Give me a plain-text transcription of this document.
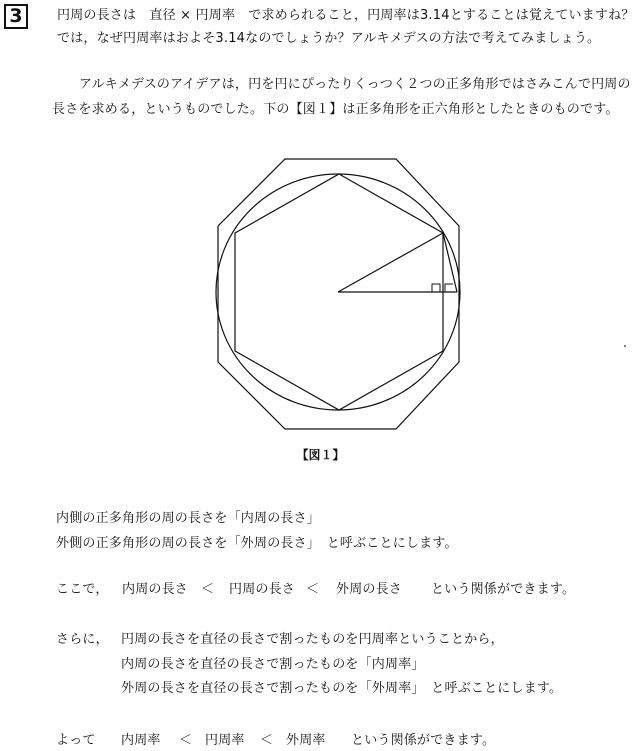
3	円周の長さは　直径 × 円周率　で求められること，円周率は3.14とすることは覚えていますね？
では，なぜ円周率はおよそ3.14なのでしょうか？アルキメデスの方法で考えてみましょう。
アルキメデスのアイデアは，円を円にぴったりくっつく２つの正多角形ではさみこんで円周の
長さを求める，というものでした。下の【図１】は正多角形を正六角形としたときのものです。
【図１】
内側の正多角形の周の長さを「内周の長さ」
外側の正多角形の周の長さを「外周の長さ」　と呼ぶことにします。
ここで， 内周の長さ ＜ 円周の長さ ＜ 外周の長さ という関係ができます。
さらに， 円周の長さを直径の長さで割ったものを円周率ということから，
内周の長さを直径の長さで割ったものを「内周率」
外周の長さを直径の長さで割ったものを「外周率」　と呼ぶことにします。
よって 内周率 ＜ 円周率 ＜ 外周率 という関係ができます。
